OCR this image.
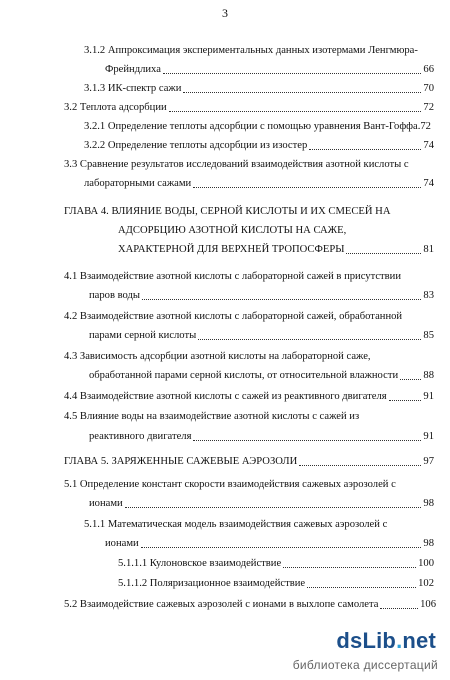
3
3.1.2 Аппроксимация экспериментальных данных изотермами Ленгмюра-
Фрейндлиха	66
3.1.3 ИК-спектр сажи	70
3.2 Теплота адсорбции	72
3.2.1 Определение теплоты адсорбции с помощью уравнения Вант-Гоффа.72
3.2.2 Определение теплоты адсорбции из изостер	74
3.3 Сравнение результатов исследований взаимодействия азотной кислоты с
лабораторными сажами	74
ГЛАВА 4. ВЛИЯНИЕ ВОДЫ, СЕРНОЙ КИСЛОТЫ И ИХ СМЕСЕЙ НА
АДСОРБЦИЮ АЗОТНОЙ КИСЛОТЫ НА САЖЕ,
ХАРАКТЕРНОЙ ДЛЯ ВЕРХНЕЙ ТРОПОСФЕРЫ	81
4.1 Взаимодействие азотной кислоты с лабораторной сажей в присутствии
паров воды	83
4.2 Взаимодействие азотной кислоты с лабораторной сажей, обработанной
парами серной кислоты	85
4.3 Зависимость адсорбции азотной кислоты на лабораторной саже,
обработанной парами серной кислоты, от относительной влажности 88
4.4 Взаимодействие азотной кислоты с сажей из реактивного двигателя	91
4.5 Влияние воды на взаимодействие азотной кислоты с сажей из
реактивного двигателя	91
ГЛАВА 5. ЗАРЯЖЕННЫЕ САЖЕВЫЕ АЭРОЗОЛИ	97
5.1 Определение констант скорости взаимодействия сажевых аэрозолей с
ионами	98
5.1.1 Математическая модель взаимодействия сажевых аэрозолей с
ионами	98
5.1.1.1 Кулоновское взаимодействие	100
5.1.1.2 Поляризационное взаимодействие	102
5.2 Взаимодействие сажевых аэрозолей с ионами в выхлопе самолета	106
dsLib.net
библиотека диссертаций
